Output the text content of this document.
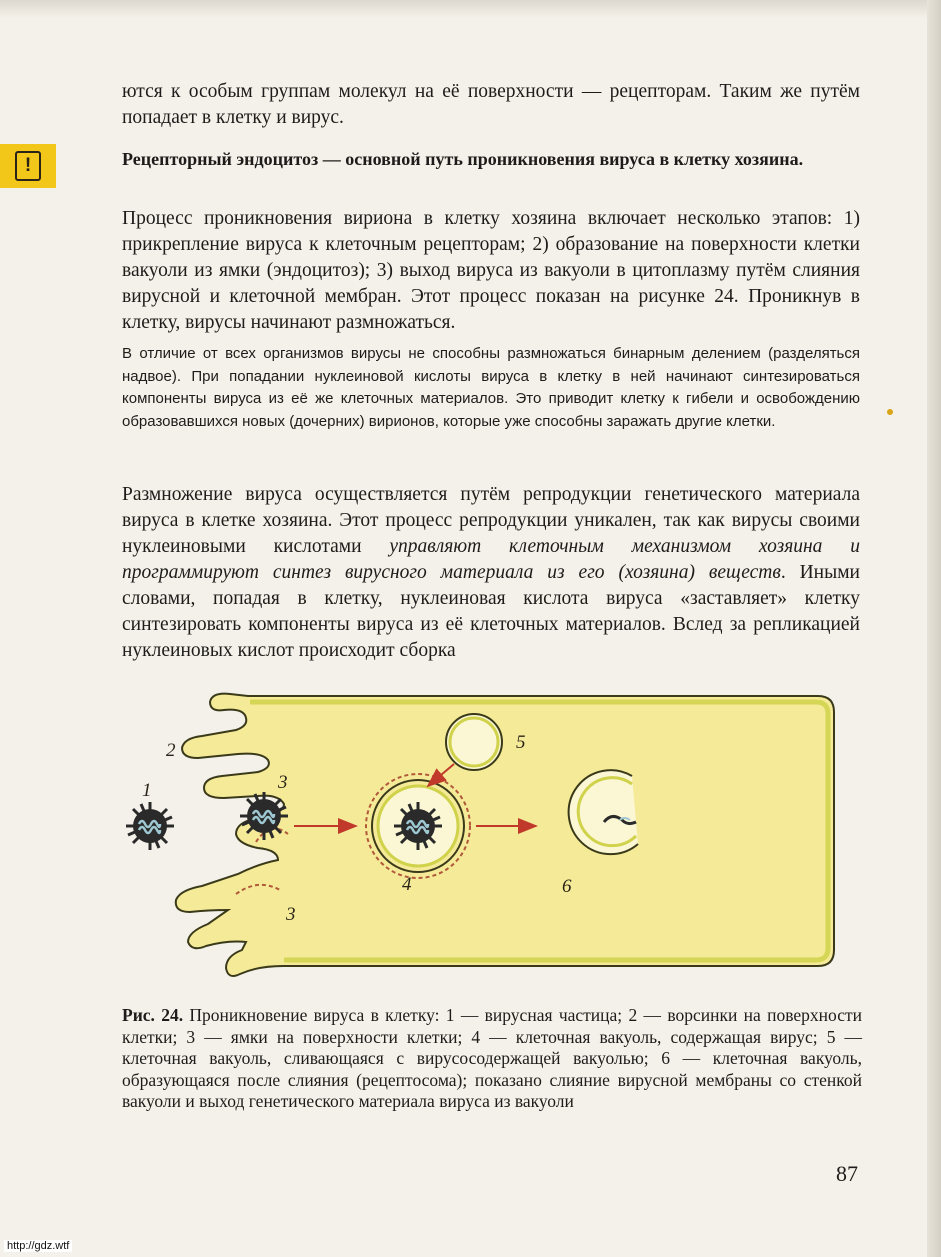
ются к особым группам молекул на её поверхности — рецепторам. Таким же путём попадает в клетку и вирус.

!	Рецепторный эндоцитоз — основной путь проникновения вируса в клетку хозяина.

Процесс проникновения вириона в клетку хозяина включает несколько этапов: 1) прикрепление вируса к клеточным рецепторам; 2) образование на поверхности клетки вакуоли из ямки (эндоцитоз); 3) выход вируса из вакуоли в цитоплазму путём слияния вирусной и клеточной мембран. Этот процесс показан на рисунке 24. Проникнув в клетку, вирусы начинают размножаться.

В отличие от всех организмов вирусы не способны размножаться бинарным делением (разделяться надвое). При попадании нуклеиновой кислоты вируса в клетку в ней начинают синтезироваться компоненты вируса из её же клеточных материалов. Это приводит клетку к гибели и освобождению образовавшихся новых (дочерних) вирионов, которые уже способны заражать другие клетки.

Размножение вируса осуществляется путём репродукции генетического материала вируса в клетке хозяина. Этот процесс репродукции уникален, так как вирусы своими нуклеиновыми кислотами управляют клеточным механизмом хозяина и программируют синтез вирусного материала из его (хозяина) веществ. Иными словами, попадая в клетку, нуклеиновая кислота вируса «заставляет» клетку синтезировать компоненты вируса из её клеточных материалов. Вслед за репликацией нуклеиновых кислот происходит сборка

2
1	3
3
4
5
6

Рис. 24. Проникновение вируса в клетку: 1 — вирусная частица; 2 — ворсинки на поверхности клетки; 3 — ямки на поверхности клетки; 4 — клеточная вакуоль, содержащая вирус; 5 — клеточная вакуоль, сливающаяся с вирусосодержащей вакуолью; 6 — клеточная вакуоль, образующаяся после слияния (рецептосома); показано слияние вирусной мембраны со стенкой вакуоли и выход генетического материала вируса из вакуоли

87
http://gdz.wtf
